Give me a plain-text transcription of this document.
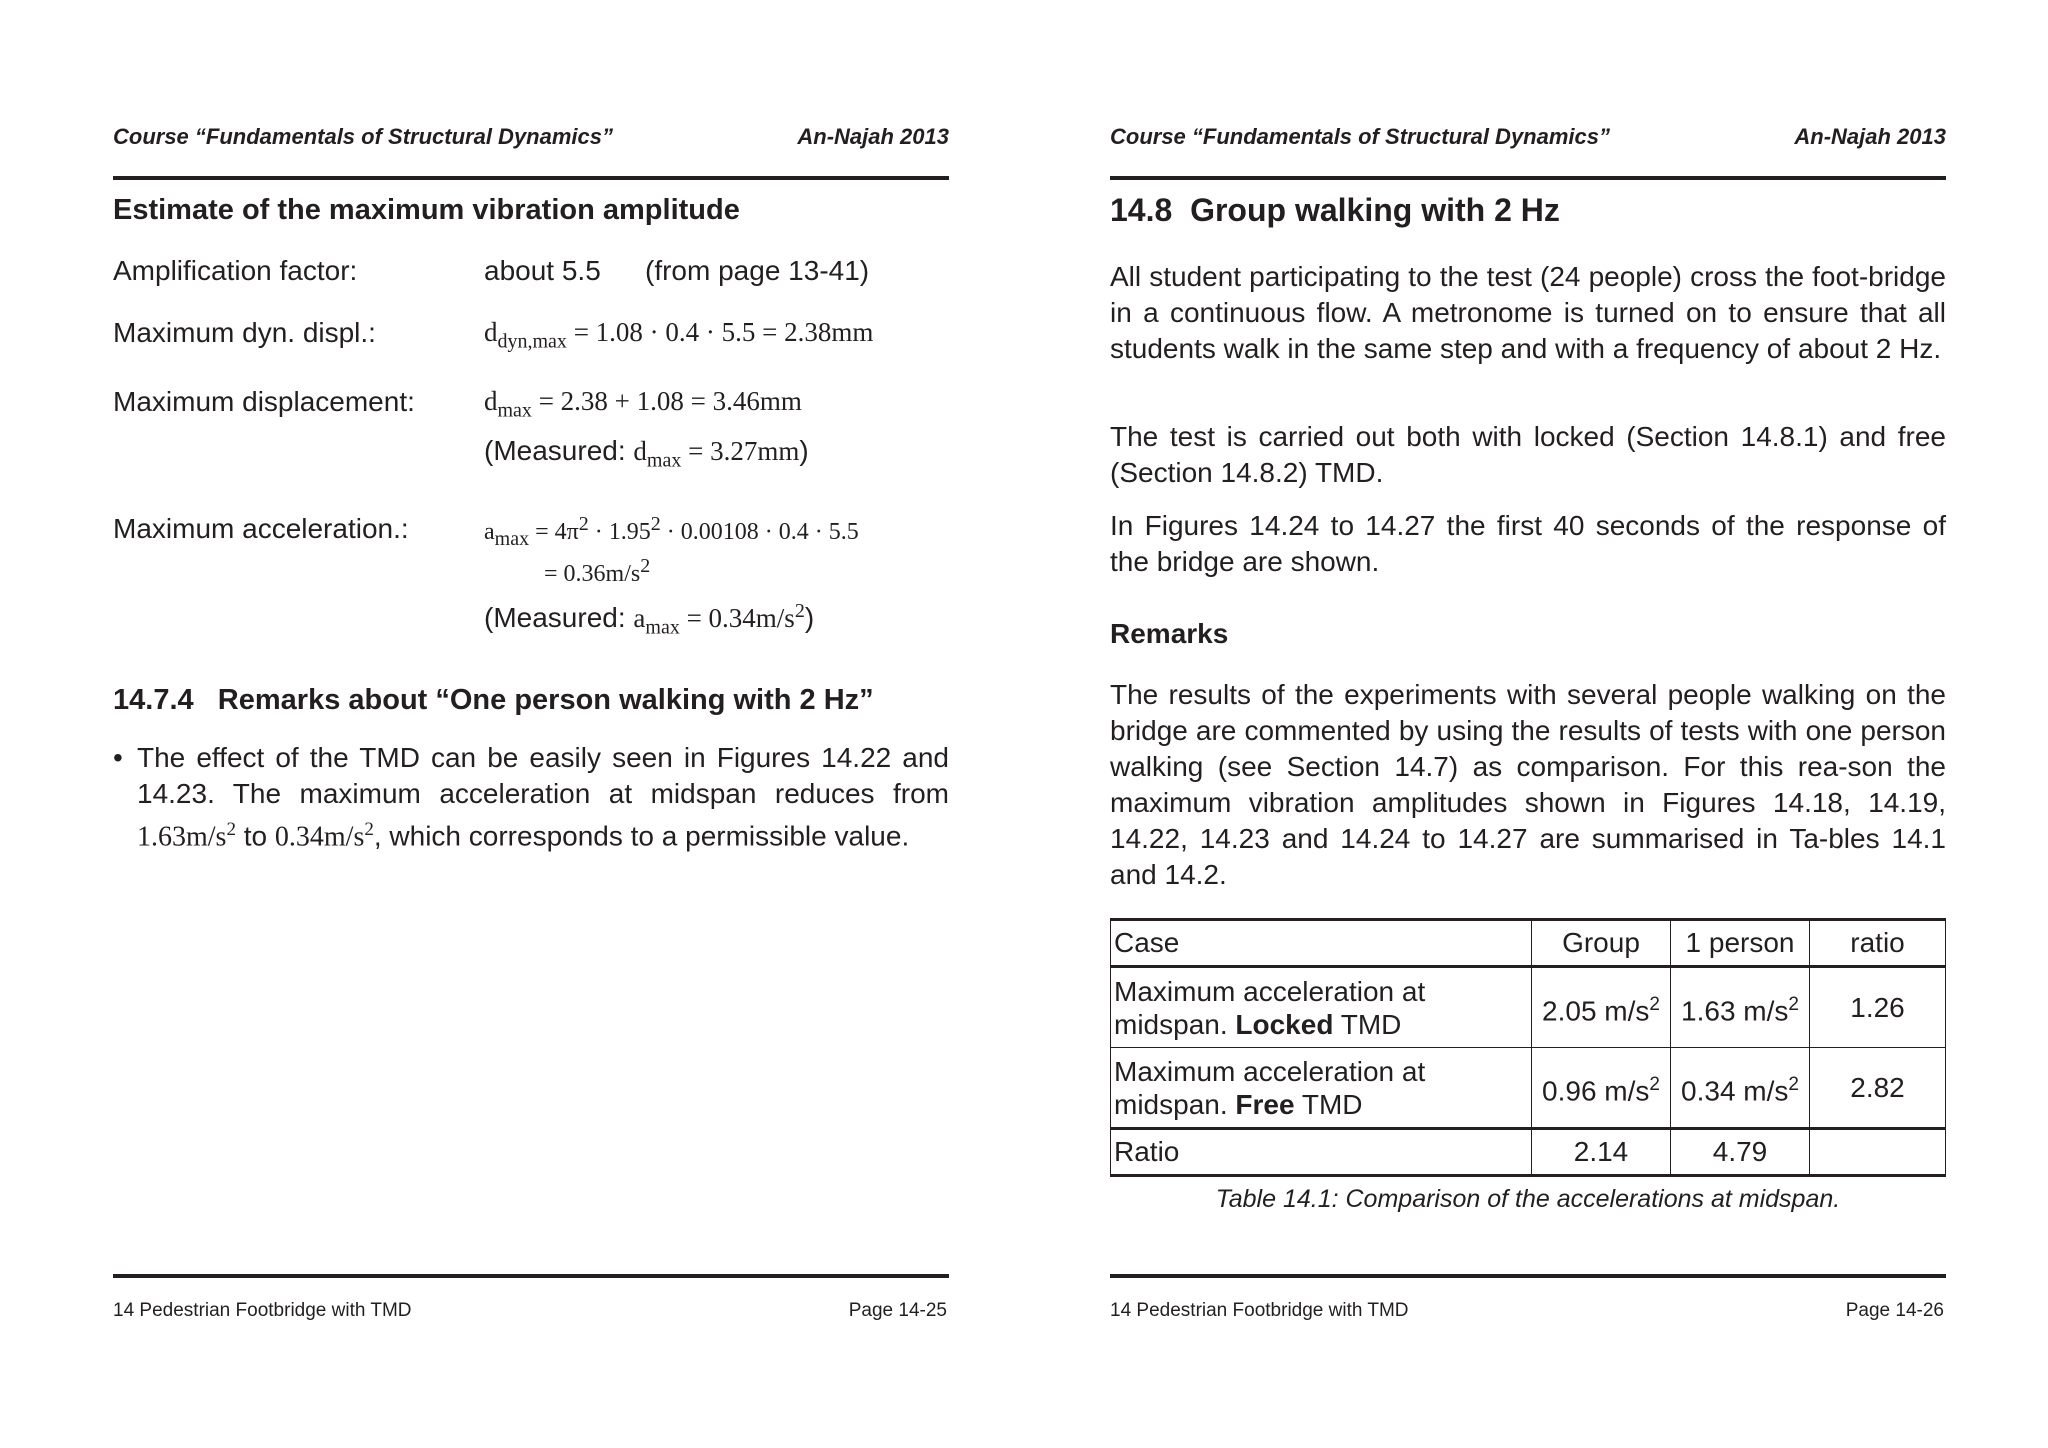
Course “Fundamentals of Structural Dynamics”	An-Najah 2013
Estimate of the maximum vibration amplitude
Amplification factor:	about 5.5 (from page 13-41)
Maximum dyn. displ.:	$d_{dyn,max} = 1.08 \cdot 0.4 \cdot 5.5 = 2.38mm$
Maximum displacement:	$d_{max} = 2.38 + 1.08 = 3.46mm$
(Measured: $d_{max} = 3.27mm$)
Maximum acceleration.:	$a_{max} = 4\pi^2 \cdot 1.95^2 \cdot 0.00108 \cdot 0.4 \cdot 5.5$
= $0.36m/s^2$
(Measured: $a_{max} = 0.34m/s^2$)
14.7.4   Remarks about “One person walking with 2 Hz”
• The effect of the TMD can be easily seen in Figures 14.22 and 14.23. The maximum acceleration at midspan reduces from $1.63m/s^2$ to $0.34m/s^2$, which corresponds to a permissible value.
14 Pedestrian Footbridge with TMD	Page 14-25
Course “Fundamentals of Structural Dynamics”	An-Najah 2013
14.8  Group walking with 2 Hz
All student participating to the test (24 people) cross the foot-bridge in a continuous flow. A metronome is turned on to ensure that all students walk in the same step and with a frequency of about 2 Hz.
The test is carried out both with locked (Section 14.8.1) and free (Section 14.8.2) TMD.
In Figures 14.24 to 14.27 the first 40 seconds of the response of the bridge are shown.
Remarks
The results of the experiments with several people walking on the bridge are commented by using the results of tests with one person walking (see Section 14.7) as comparison. For this rea-son the maximum vibration amplitudes shown in Figures 14.18, 14.19, 14.22, 14.23 and 14.24 to 14.27 are summarised in Ta-bles 14.1 and 14.2.
Case	Group	1 person	ratio
Maximum acceleration at
midspan. Locked TMD	2.05 $m/s^2$	1.63 $m/s^2$	1.26
Maximum acceleration at
midspan. Free TMD	0.96 $m/s^2$	0.34 $m/s^2$	2.82
Ratio	2.14	4.79	
Table 14.1: Comparison of the accelerations at midspan.
14 Pedestrian Footbridge with TMD	Page 14-26
